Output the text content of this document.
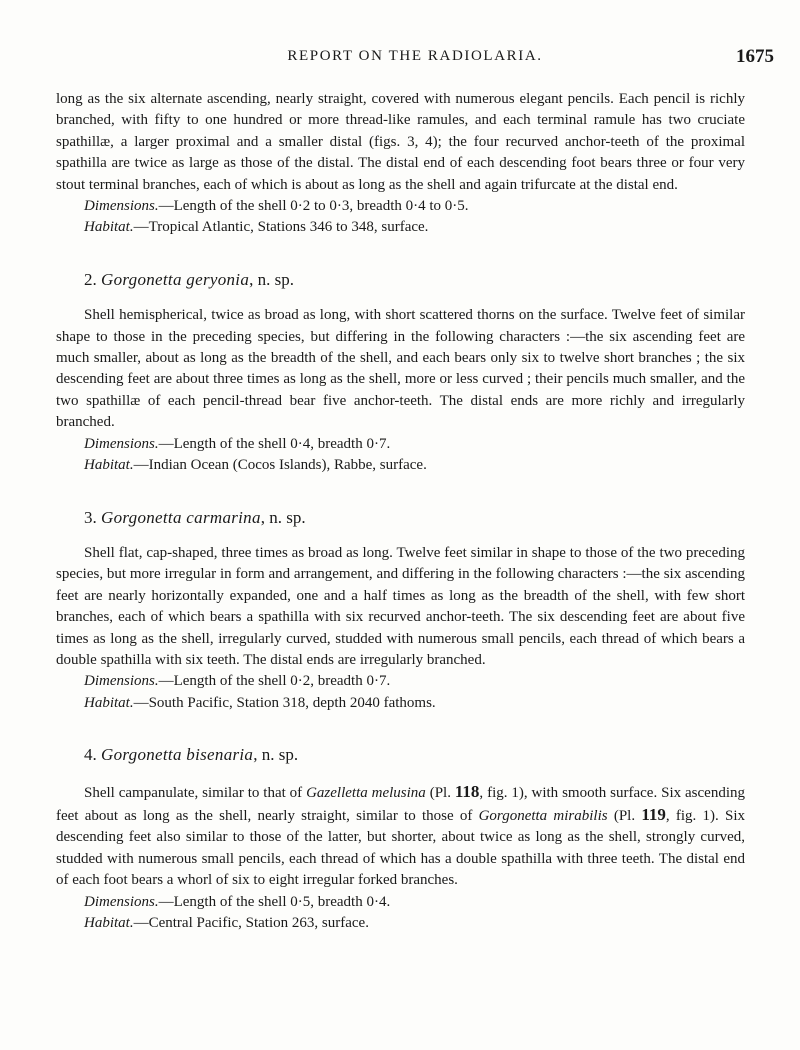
REPORT ON THE RADIOLARIA.	1675

long as the six alternate ascending, nearly straight, covered with numerous elegant pencils. Each pencil is richly branched, with fifty to one hundred or more thread-like ramules, and each terminal ramule has two cruciate spathillæ, a larger proximal and a smaller distal (figs. 3, 4); the four recurved anchor-teeth of the proximal spathilla are twice as large as those of the distal. The distal end of each descending foot bears three or four very stout terminal branches, each of which is about as long as the shell and again trifurcate at the distal end.

Dimensions.—Length of the shell 0·2 to 0·3, breadth 0·4 to 0·5.

Habitat.—Tropical Atlantic, Stations 346 to 348, surface.

2. Gorgonetta geryonia, n. sp.

Shell hemispherical, twice as broad as long, with short scattered thorns on the surface. Twelve feet of similar shape to those in the preceding species, but differing in the following characters :—the six ascending feet are much smaller, about as long as the breadth of the shell, and each bears only six to twelve short branches ; the six descending feet are about three times as long as the shell, more or less curved ; their pencils much smaller, and the two spathillæ of each pencil-thread bear five anchor-teeth. The distal ends are more richly and irregularly branched.

Dimensions.—Length of the shell 0·4, breadth 0·7.

Habitat.—Indian Ocean (Cocos Islands), Rabbe, surface.

3. Gorgonetta carmarina, n. sp.

Shell flat, cap-shaped, three times as broad as long. Twelve feet similar in shape to those of the two preceding species, but more irregular in form and arrangement, and differing in the following characters :—the six ascending feet are nearly horizontally expanded, one and a half times as long as the breadth of the shell, with few short branches, each of which bears a spathilla with six recurved anchor-teeth. The six descending feet are about five times as long as the shell, irregularly curved, studded with numerous small pencils, each thread of which bears a double spathilla with six teeth. The distal ends are irregularly branched.

Dimensions.—Length of the shell 0·2, breadth 0·7.

Habitat.—South Pacific, Station 318, depth 2040 fathoms.

4. Gorgonetta bisenaria, n. sp.

Shell campanulate, similar to that of Gazelletta melusina (Pl. 118, fig. 1), with smooth surface. Six ascending feet about as long as the shell, nearly straight, similar to those of Gorgonetta mirabilis (Pl. 119, fig. 1). Six descending feet also similar to those of the latter, but shorter, about twice as long as the shell, strongly curved, studded with numerous small pencils, each thread of which has a double spathilla with three teeth. The distal end of each foot bears a whorl of six to eight irregular forked branches.

Dimensions.—Length of the shell 0·5, breadth 0·4.

Habitat.—Central Pacific, Station 263, surface.
